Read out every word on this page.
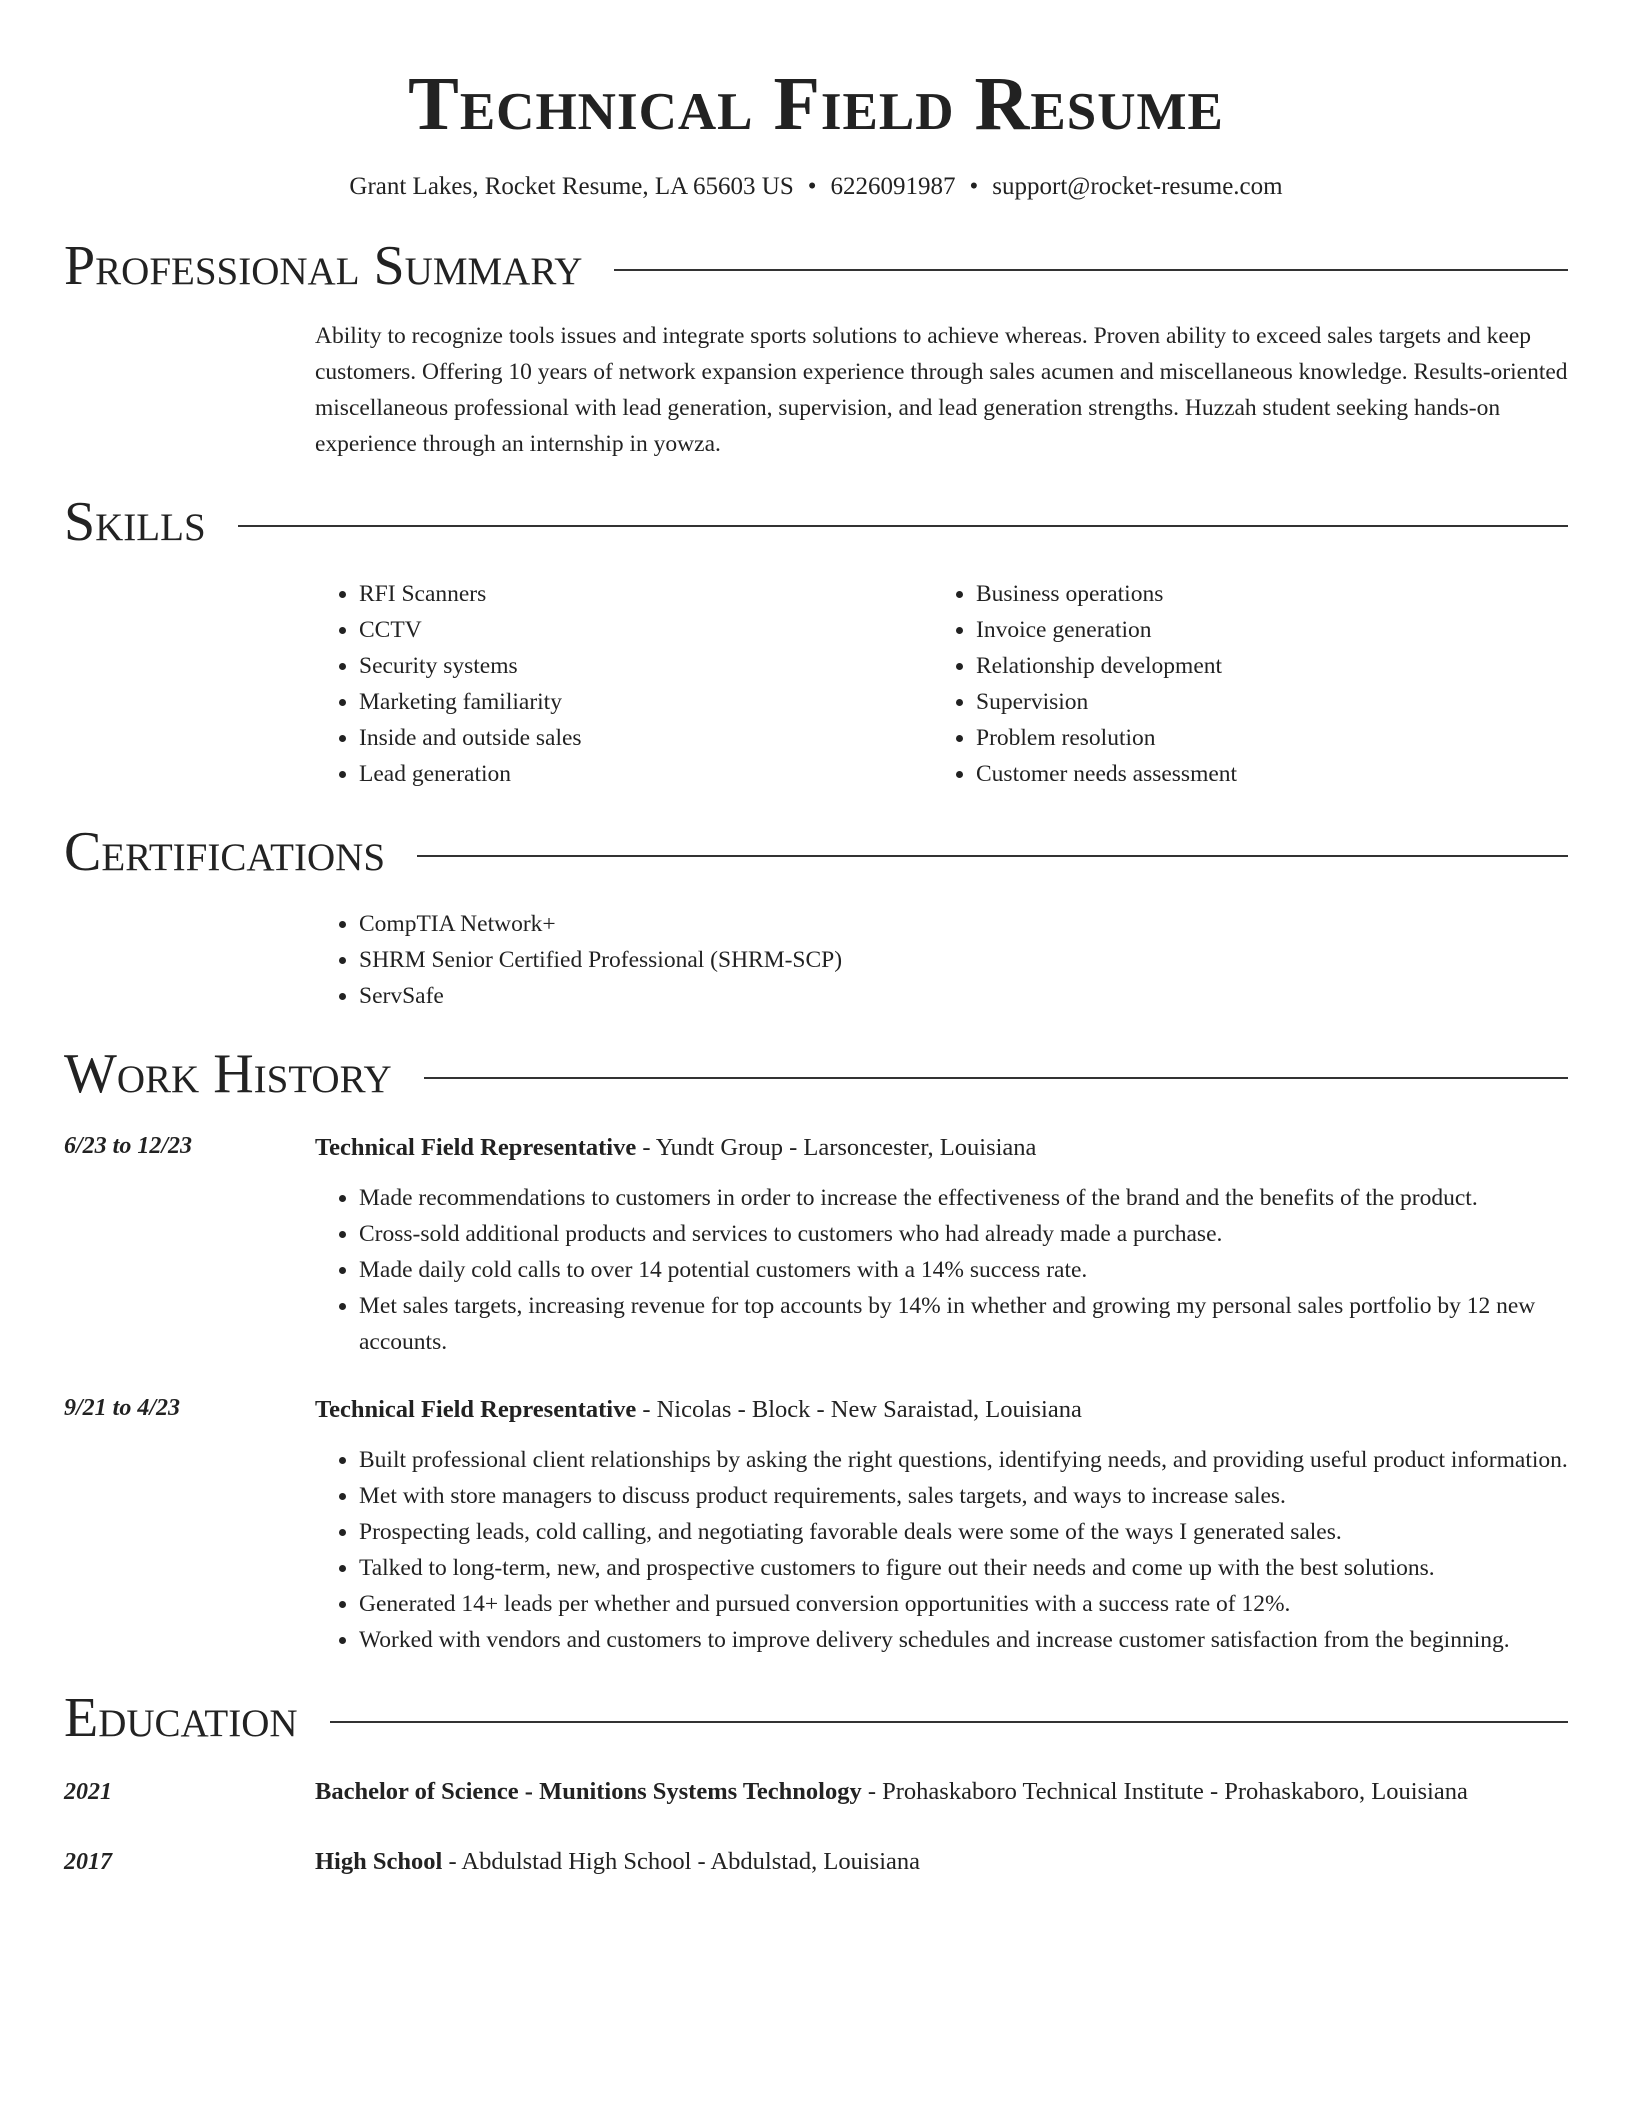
Technical Field Resume
Grant Lakes, Rocket Resume, LA 65603 US • 6226091987 • support@rocket-resume.com
Professional Summary
Ability to recognize tools issues and integrate sports solutions to achieve whereas. Proven ability to exceed sales targets and keep customers. Offering 10 years of network expansion experience through sales acumen and miscellaneous knowledge. Results-oriented miscellaneous professional with lead generation, supervision, and lead generation strengths. Huzzah student seeking hands-on experience through an internship in yowza.
Skills
• RFI Scanners
• CCTV
• Security systems
• Marketing familiarity
• Inside and outside sales
• Lead generation
• Business operations
• Invoice generation
• Relationship development
• Supervision
• Problem resolution
• Customer needs assessment
Certifications
• CompTIA Network+
• SHRM Senior Certified Professional (SHRM-SCP)
• ServSafe
Work History
6/23 to 12/23	Technical Field Representative - Yundt Group - Larsoncester, Louisiana
• Made recommendations to customers in order to increase the effectiveness of the brand and the benefits of the product.
• Cross-sold additional products and services to customers who had already made a purchase.
• Made daily cold calls to over 14 potential customers with a 14% success rate.
• Met sales targets, increasing revenue for top accounts by 14% in whether and growing my personal sales portfolio by 12 new accounts.
9/21 to 4/23	Technical Field Representative - Nicolas - Block - New Saraistad, Louisiana
• Built professional client relationships by asking the right questions, identifying needs, and providing useful product information.
• Met with store managers to discuss product requirements, sales targets, and ways to increase sales.
• Prospecting leads, cold calling, and negotiating favorable deals were some of the ways I generated sales.
• Talked to long-term, new, and prospective customers to figure out their needs and come up with the best solutions.
• Generated 14+ leads per whether and pursued conversion opportunities with a success rate of 12%.
• Worked with vendors and customers to improve delivery schedules and increase customer satisfaction from the beginning.
Education
2021	Bachelor of Science - Munitions Systems Technology - Prohaskaboro Technical Institute - Prohaskaboro, Louisiana
2017	High School - Abdulstad High School - Abdulstad, Louisiana
